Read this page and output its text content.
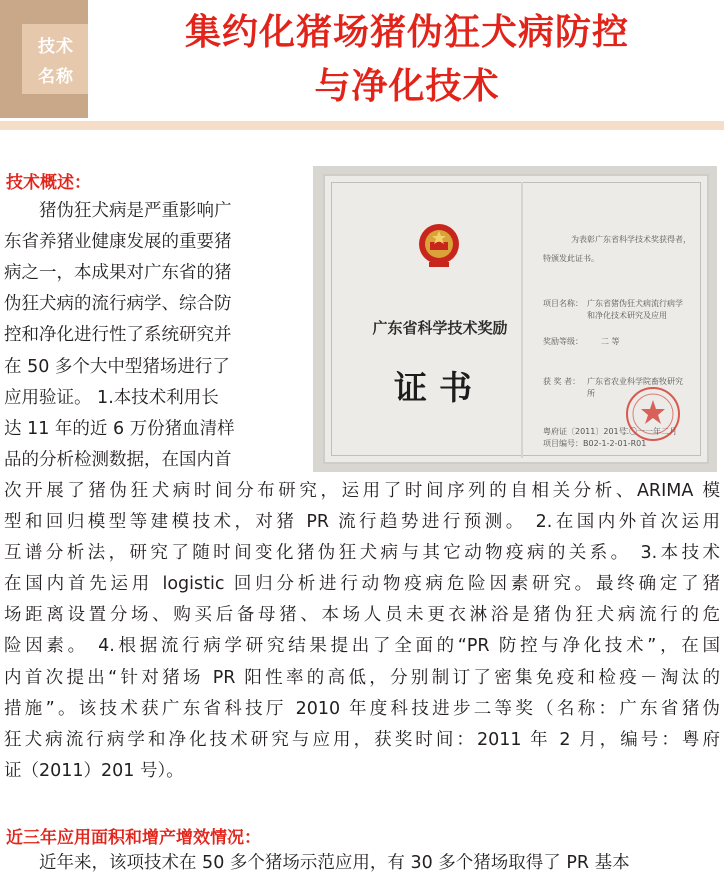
技术
名称
集约化猪场猪伪狂犬病防控
与净化技术
技术概述：
　　猪伪狂犬病是严重影响广
东省养猪业健康发展的重要猪
病之一，本成果对广东省的猪
伪狂犬病的流行病学、综合防
控和净化进行性了系统研究并
在 50 多个大中型猪场进行了
应用验证。 1.本技术利用长
达 11 年的近 6 万份猪血清样
品的分析检测数据，在国内首
次开展了猪伪狂犬病时间分布研究，运用了时间序列的自相关分析、ARIMA 模
型和回归模型等建模技术，对猪 PR 流行趋势进行预测。 2.在国内外首次运用
互谱分析法，研究了随时间变化猪伪狂犬病与其它动物疫病的关系。 3.本技术
在国内首先运用 logistic 回归分析进行动物疫病危险因素研究。最终确定了猪
场距离设置分场、购买后备母猪、本场人员未更衣淋浴是猪伪狂犬病流行的危
险因素。 4.根据流行病学研究结果提出了全面的“PR 防控与净化技术”，在国
内首次提出“针对猪场 PR 阳性率的高低，分别制订了密集免疫和检疫－淘汰的
措施”。该技术获广东省科技厅 2010 年度科技进步二等奖（名称：广东省猪伪
狂犬病流行病学和净化技术研究与应用，获奖时间：2011 年 2 月，编号：粤府
证（2011）201 号）。
广东省科学技术奖励
证书
为表彰广东省科学技术奖获得者，
特颁发此证书。
项目名称： 广东省猪伪狂犬病流行病学
和净化技术研究及应用
奖励等级： 二 等
获 奖 者： 广东省农业科学院畜牧研究
所
粤府证〔2011〕201号
项目编号：B02-1-2-01-R01
二〇一一年二月
近三年应用面积和增产增效情况：
　　近年来，该项技术在 50 多个猪场示范应用，有 30 多个猪场取得了 PR 基本
